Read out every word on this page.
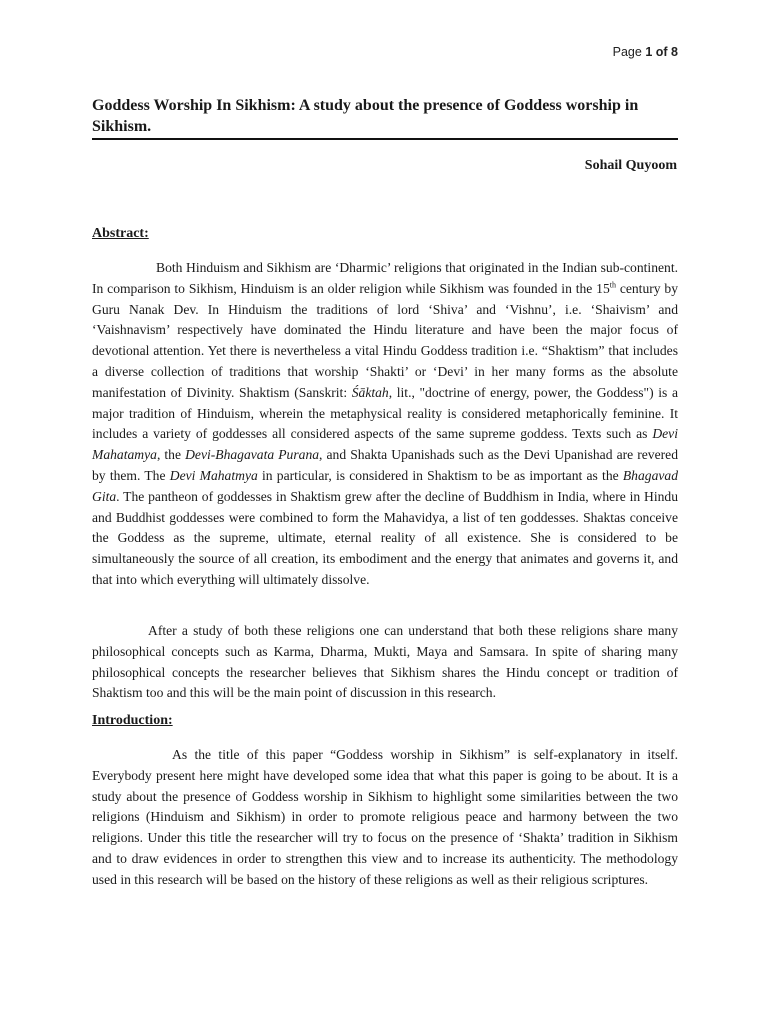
Page 1 of 8
Goddess Worship In Sikhism: A study about the presence of Goddess worship in Sikhism.
Sohail Quyoom
Abstract:

Both Hinduism and Sikhism are ‘Dharmic’ religions that originated in the Indian sub-continent. In comparison to Sikhism, Hinduism is an older religion while Sikhism was founded in the 15th century by Guru Nanak Dev. In Hinduism the traditions of lord ‘Shiva’ and ‘Vishnu’, i.e. ‘Shaivism’ and ‘Vaishnavism’ respectively have dominated the Hindu literature and have been the major focus of devotional attention. Yet there is nevertheless a vital Hindu Goddess tradition i.e. “Shaktism” that includes a diverse collection of traditions that worship ‘Shakti’ or ‘Devi’ in her many forms as the absolute manifestation of Divinity. Shaktism (Sanskrit: Śāktah, lit., "doctrine of energy, power, the Goddess") is a major tradition of Hinduism, wherein the metaphysical reality is considered metaphorically feminine. It includes a variety of goddesses all considered aspects of the same supreme goddess. Texts such as Devi Mahatamya, the Devi-Bhagavata Purana, and Shakta Upanishads such as the Devi Upanishad are revered by them. The Devi Mahatmya in particular, is considered in Shaktism to be as important as the Bhagavad Gita. The pantheon of goddesses in Shaktism grew after the decline of Buddhism in India, where in Hindu and Buddhist goddesses were combined to form the Mahavidya, a list of ten goddesses. Shaktas conceive the Goddess as the supreme, ultimate, eternal reality of all existence. She is considered to be simultaneously the source of all creation, its embodiment and the energy that animates and governs it, and that into which everything will ultimately dissolve.

After a study of both these religions one can understand that both these religions share many philosophical concepts such as Karma, Dharma, Mukti, Maya and Samsara. In spite of sharing many philosophical concepts the researcher believes that Sikhism shares the Hindu concept or tradition of Shaktism too and this will be the main point of discussion in this research.

Introduction:

As the title of this paper “Goddess worship in Sikhism” is self-explanatory in itself. Everybody present here might have developed some idea that what this paper is going to be about. It is a study about the presence of Goddess worship in Sikhism to highlight some similarities between the two religions (Hinduism and Sikhism) in order to promote religious peace and harmony between the two religions. Under this title the researcher will try to focus on the presence of ‘Shakta’ tradition in Sikhism and to draw evidences in order to strengthen this view and to increase its authenticity. The methodology used in this research will be based on the history of these religions as well as their religious scriptures.
